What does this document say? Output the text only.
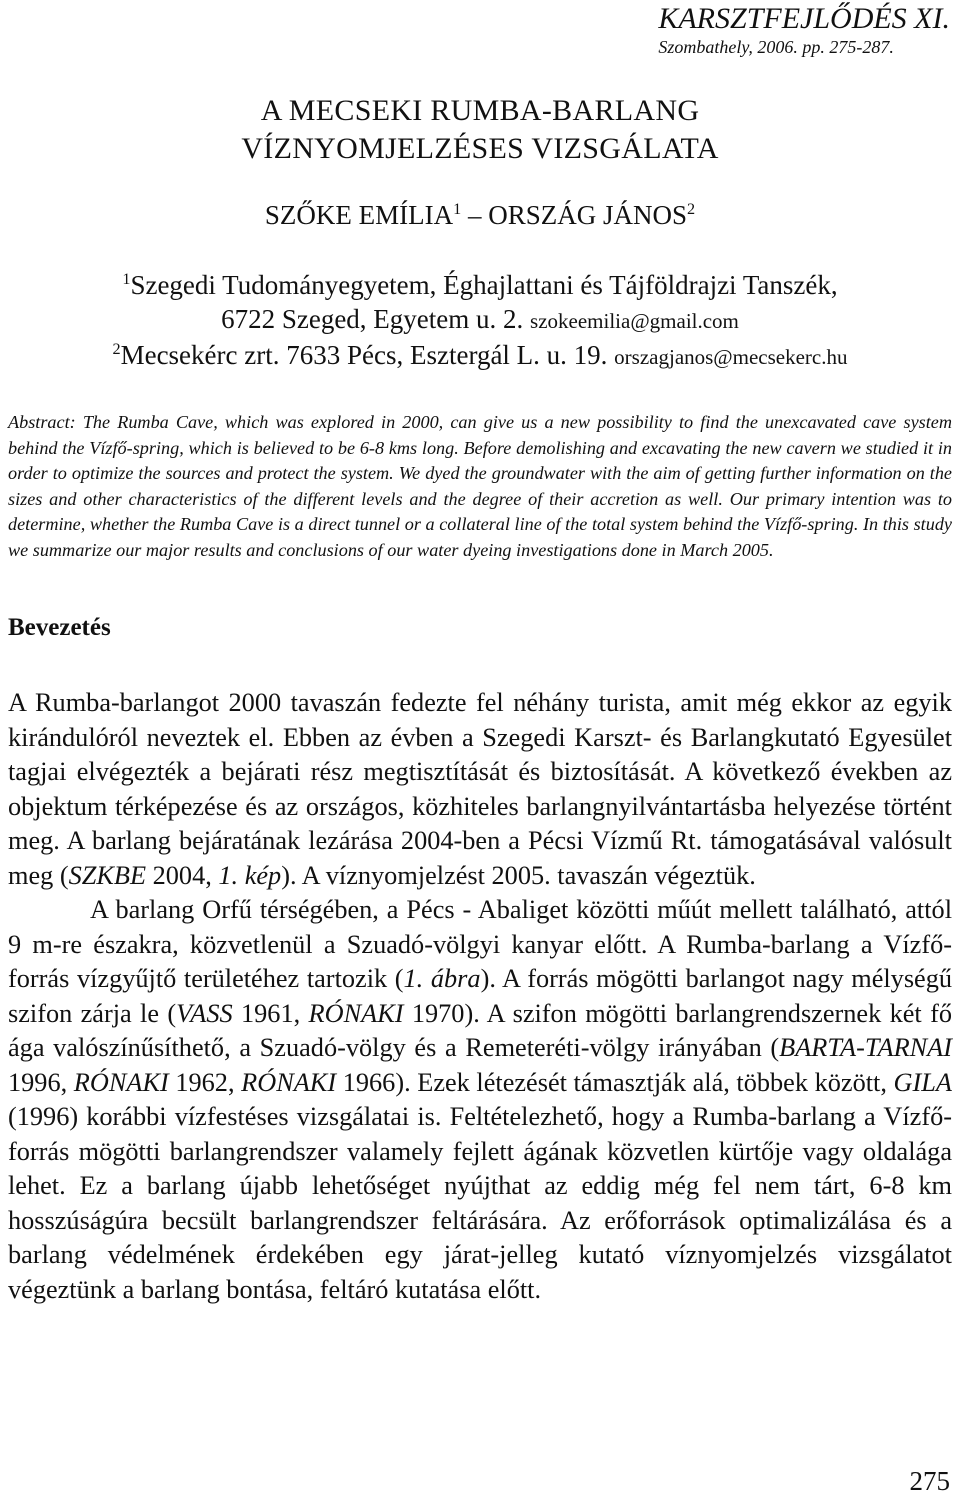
KARSZTFEJLŐDÉS XI.
Szombathely, 2006. pp. 275-287.
A MECSEKI RUMBA-BARLANG
VÍZNYOMJELZÉSES VIZSGÁLATA
SZŐKE EMÍLIA$^1$ – ORSZÁG JÁNOS$^2$
$^1$Szegedi Tudományegyetem, Éghajlattani és Tájföldrajzi Tanszék,
6722 Szeged, Egyetem u. 2. szokeemilia@gmail.com
$^2$Mecsekérc zrt. 7633 Pécs, Esztergál L. u. 19. orszagjanos@mecsekerc.hu
Abstract: The Rumba Cave, which was explored in 2000, can give us a new possibility to find the unexcavated cave system behind the Vízfő-spring, which is believed to be 6-8 kms long. Before demolishing and excavating the new cavern we studied it in order to optimize the sources and protect the system. We dyed the groundwater with the aim of getting further information on the sizes and other characteristics of the different levels and the degree of their accretion as well. Our primary intention was to determine, whether the Rumba Cave is a direct tunnel or a collateral line of the total system behind the Vízfő-spring. In this study we summarize our major results and conclusions of our water dyeing investigations done in March 2005.
Bevezetés

A Rumba-barlangot 2000 tavaszán fedezte fel néhány turista, amit még ekkor az egyik kirándulóról neveztek el. Ebben az évben a Szegedi Karszt- és Barlangkutató Egyesület tagjai elvégezték a bejárati rész megtisztítását és biztosítását. A következő években az objektum térképezése és az országos, közhiteles barlangnyilvántartásba helyezése történt meg. A barlang bejáratának lezárása 2004-ben a Pécsi Vízmű Rt. támogatásával valósult meg (SZKBE 2004, 1. kép). A víznyomjelzést 2005. tavaszán végeztük.

A barlang Orfű térségében, a Pécs - Abaliget közötti műút mellett található, attól 9 m-re északra, közvetlenül a Szuadó-völgyi kanyar előtt. A Rumba-barlang a Vízfő-forrás vízgyűjtő területéhez tartozik (1. ábra). A forrás mögötti barlangot nagy mélységű szifon zárja le (VASS 1961, RÓNAKI 1970). A szifon mögötti barlangrendszernek két fő ága valószínűsíthető, a Szuadó-völgy és a Remeteréti-völgy irányában (BARTA-TARNAI 1996, RÓNAKI 1962, RÓNAKI 1966). Ezek létezését támasztják alá, többek között, GILA (1996) korábbi vízfestéses vizsgálatai is. Feltételezhető, hogy a Rumba-barlang a Vízfő-forrás mögötti barlangrendszer valamely fejlett ágának közvetlen kürtője vagy oldalága lehet. Ez a barlang újabb lehetőséget nyújthat az eddig még fel nem tárt, 6-8 km hosszúságúra becsült barlangrendszer feltárására. Az erőforrások optimalizálása és a barlang védelmének érdekében egy járat-jelleg kutató víznyomjelzés vizsgálatot végeztünk a barlang bontása, feltáró kutatása előtt.

275
